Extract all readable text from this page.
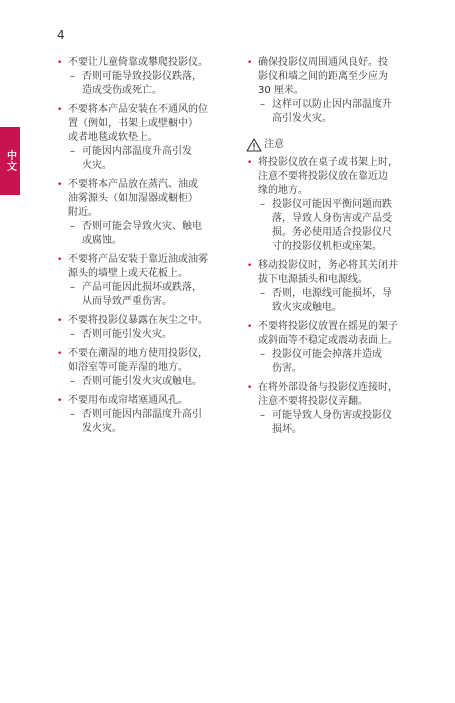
4
中文
• 不要让儿童倚靠或攀爬投影仪。
– 否则可能导致投影仪跌落，
造成受伤或死亡。
• 不要将本产品安装在不通风的位
置（例如，书架上或壁橱中）
或者地毯或软垫上。
– 可能因内部温度升高引发
火灾。
• 不要将本产品放在蒸汽、油或
油雾源头（如加湿器或橱柜）
附近。
– 否则可能会导致火灾、触电
或腐蚀。
• 不要将产品安装于靠近油或油雾
源头的墙壁上或天花板上。
– 产品可能因此损坏或跌落，
从而导致严重伤害。
• 不要将投影仪暴露在灰尘之中。
– 否则可能引发火灾。
• 不要在潮湿的地方使用投影仪，
如浴室等可能弄湿的地方。
– 否则可能引发火灾或触电。
• 不要用布或帘堵塞通风孔。
– 否则可能因内部温度升高引
发火灾。
• 确保投影仪周围通风良好。投
影仪和墙之间的距离至少应为
30 厘米。
– 这样可以防止因内部温度升
高引发火灾。
注意
• 将投影仪放在桌子或书架上时，
注意不要将投影仪放在靠近边
缘的地方。
– 投影仪可能因平衡问题而跌
落，导致人身伤害或产品受
损。务必使用适合投影仪尺
寸的投影仪机柜或座架。
• 移动投影仪时，务必将其关闭并
拔下电源插头和电源线。
– 否则，电源线可能损坏，导
致火灾或触电。
• 不要将投影仪放置在摇晃的架子
或斜面等不稳定或震动表面上。
– 投影仪可能会掉落并造成
伤害。
• 在将外部设备与投影仪连接时，
注意不要将投影仪弄翻。
– 可能导致人身伤害或投影仪
损坏。
